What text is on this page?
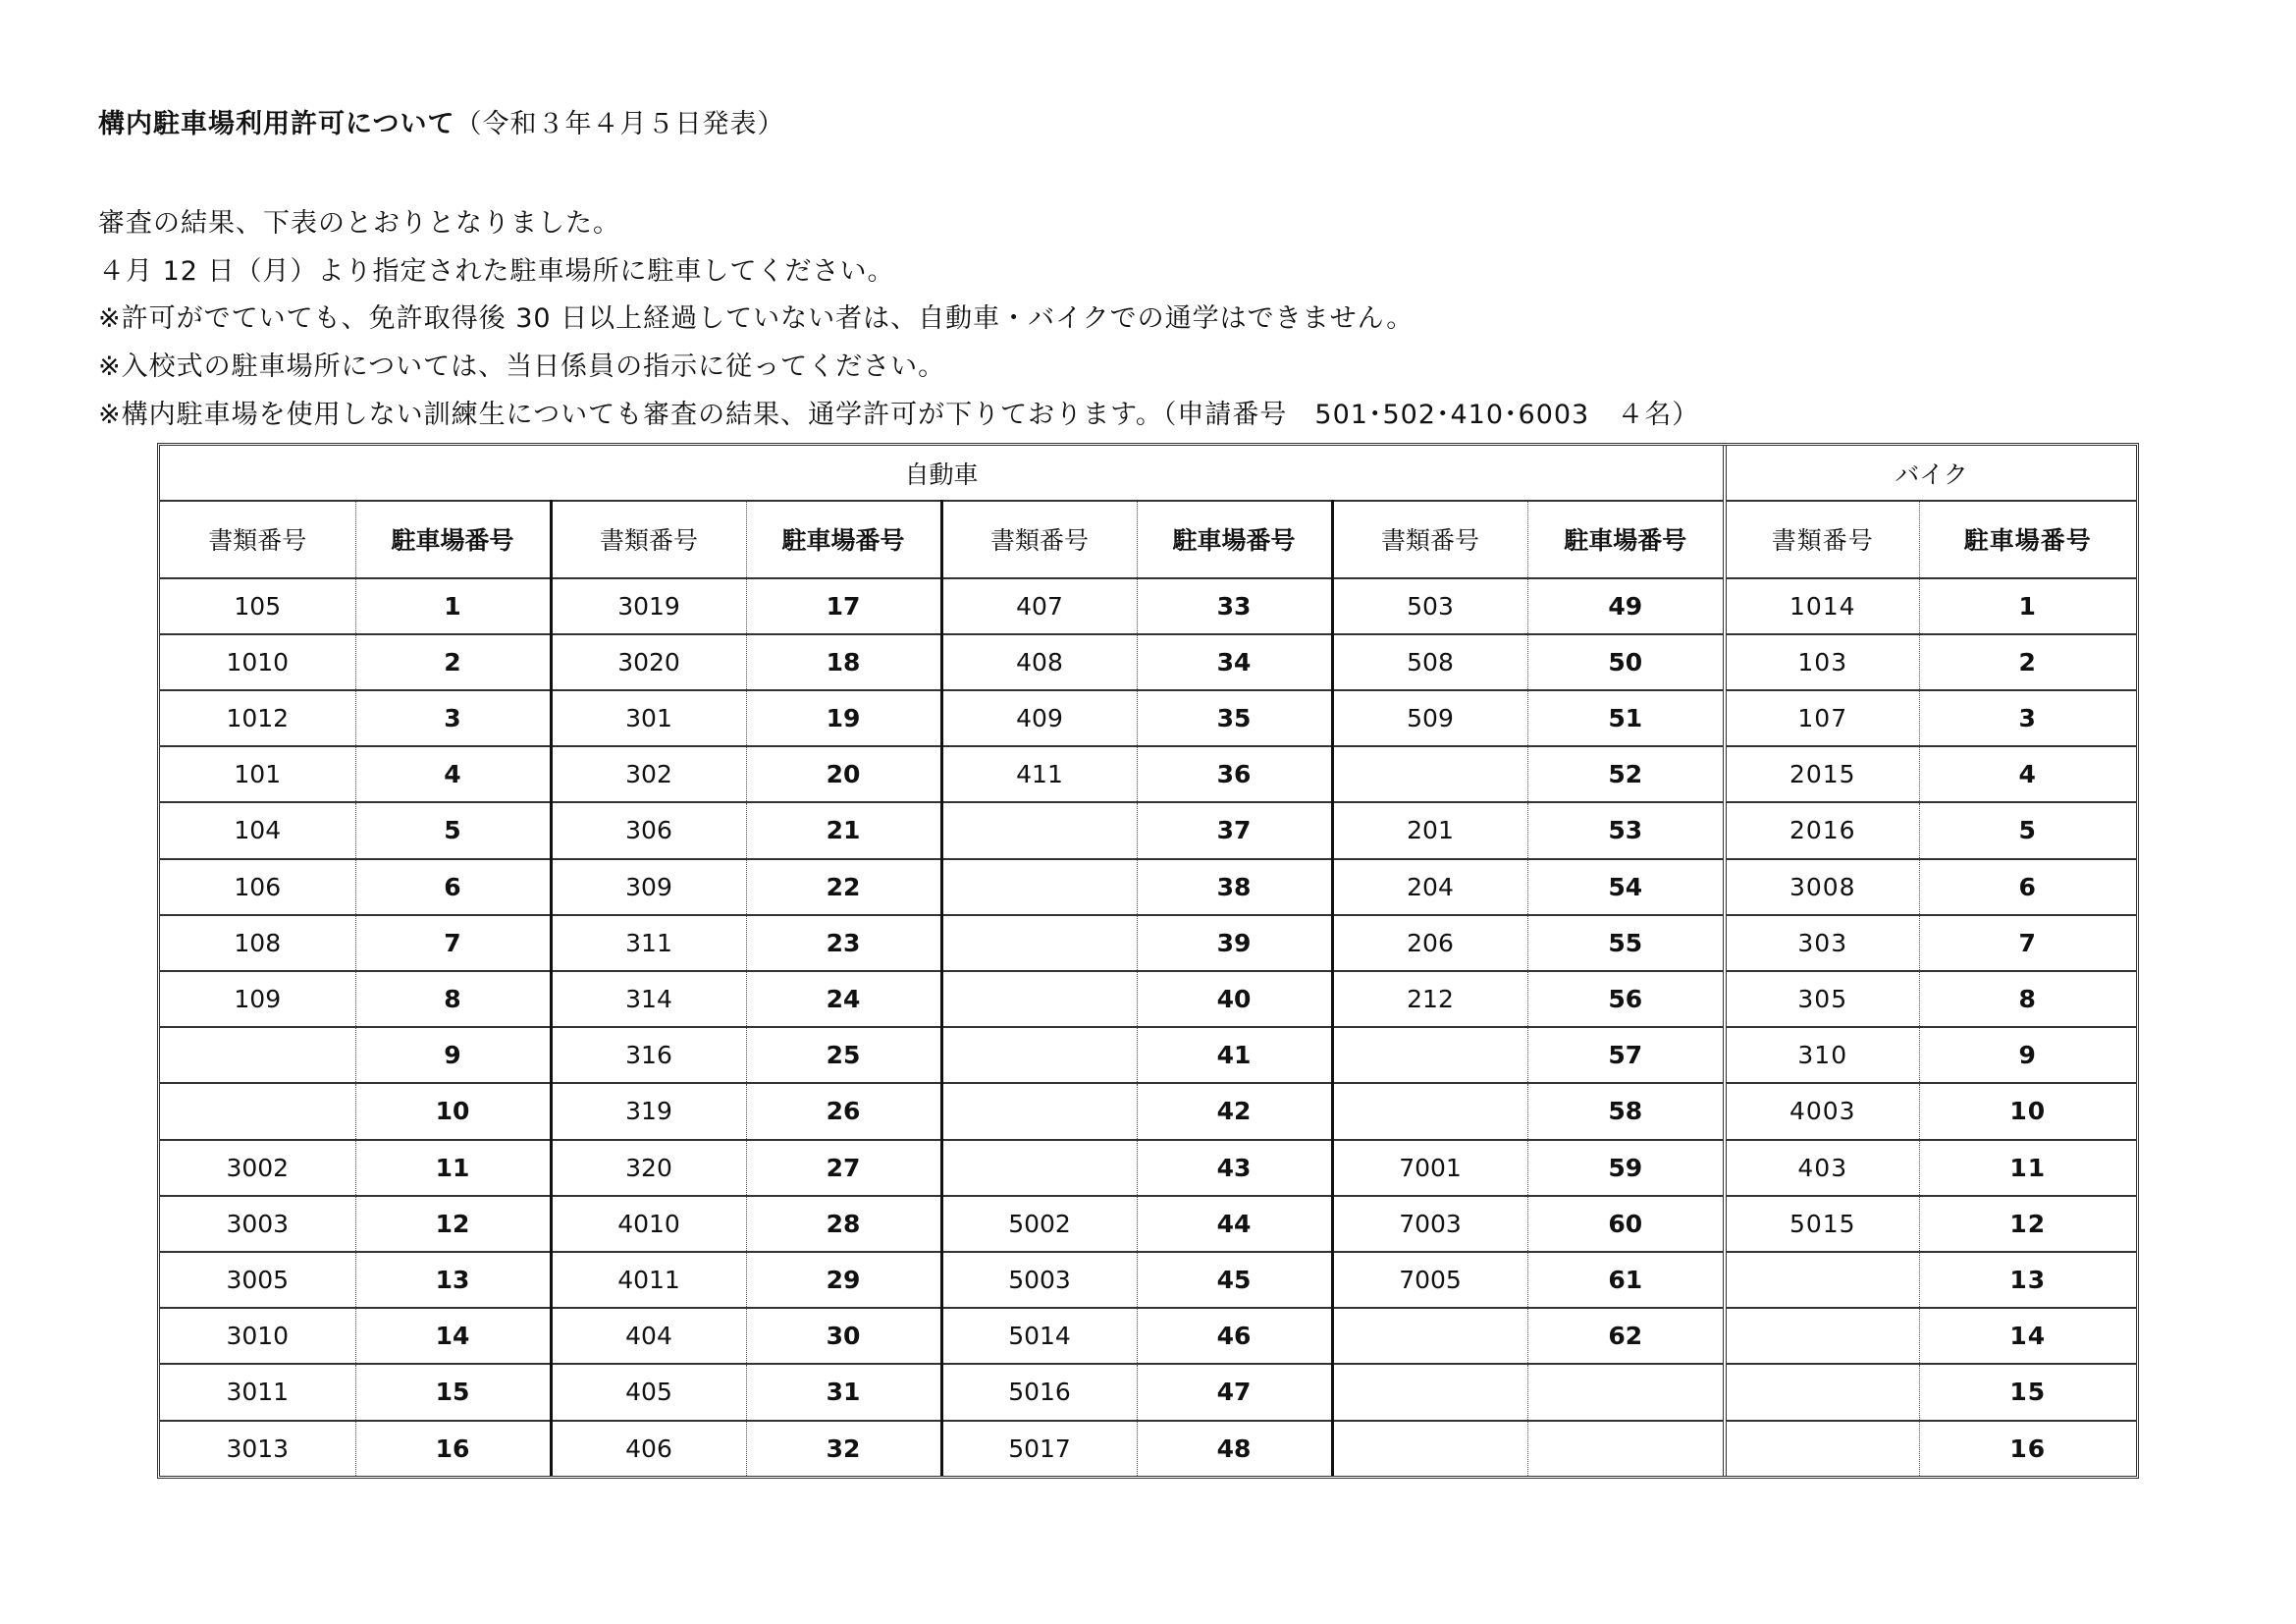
構内駐車場利用許可について（令和３年４月５日発表）
審査の結果、下表のとおりとなりました。
４月 12 日（月）より指定された駐車場所に駐車してください。
※許可がでていても、免許取得後 30 日以上経過していない者は、自動車・バイクでの通学はできません。
※入校式の駐車場所については、当日係員の指示に従ってください。
※構内駐車場を使用しない訓練生についても審査の結果、通学許可が下りております。（申請番号　501･502･410･6003　４名）
自動車								バイク	
書類番号	駐車場番号	書類番号	駐車場番号	書類番号	駐車場番号	書類番号	駐車場番号	書類番号	駐車場番号
105	1	3019	17	407	33	503	49	1014	1
1010	2	3020	18	408	34	508	50	103	2
1012	3	301	19	409	35	509	51	107	3
101	4	302	20	411	36		52	2015	4
104	5	306	21		37	201	53	2016	5
106	6	309	22		38	204	54	3008	6
108	7	311	23		39	206	55	303	7
109	8	314	24		40	212	56	305	8
	9	316	25		41		57	310	9
	10	319	26		42		58	4003	10
3002	11	320	27		43	7001	59	403	11
3003	12	4010	28	5002	44	7003	60	5015	12
3005	13	4011	29	5003	45	7005	61		13
3010	14	404	30	5014	46		62		14
3011	15	405	31	5016	47				15
3013	16	406	32	5017	48				16
